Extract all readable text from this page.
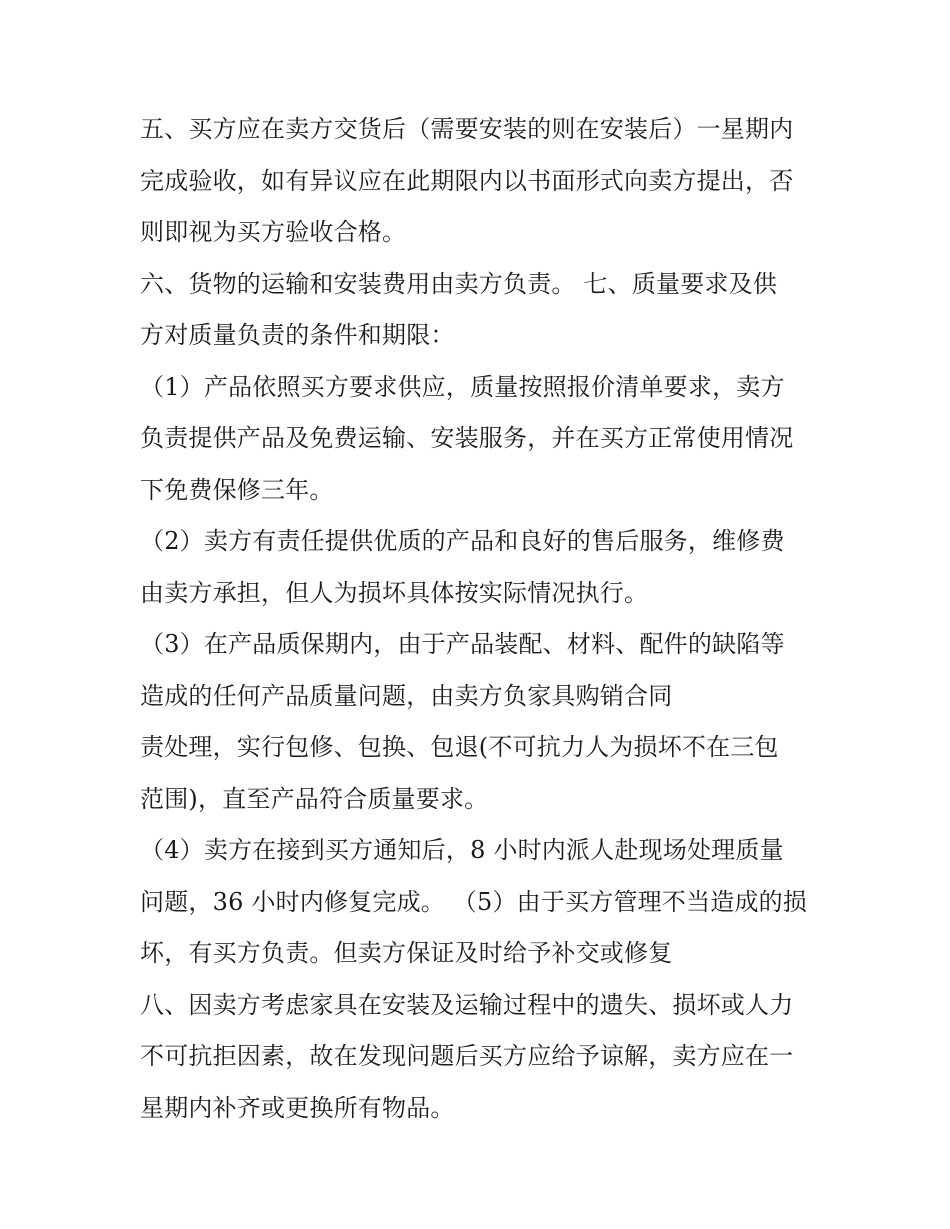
五、买方应在卖方交货后（需要安装的则在安装后）一星期内
完成验收，如有异议应在此期限内以书面形式向卖方提出，否
则即视为买方验收合格。
六、货物的运输和安装费用由卖方负责。 七、质量要求及供
方对质量负责的条件和期限：
（1）产品依照买方要求供应，质量按照报价清单要求，卖方
负责提供产品及免费运输、安装服务，并在买方正常使用情况
下免费保修三年。
（2）卖方有责任提供优质的产品和良好的售后服务，维修费
由卖方承担，但人为损坏具体按实际情况执行。
（3）在产品质保期内，由于产品装配、材料、配件的缺陷等
造成的任何产品质量问题，由卖方负家具购销合同
责处理，实行包修、包换、包退(不可抗力人为损坏不在三包
范围)，直至产品符合质量要求。
（4）卖方在接到买方通知后，8 小时内派人赴现场处理质量
问题，36 小时内修复完成。 （5）由于买方管理不当造成的损
坏，有买方负责。但卖方保证及时给予补交或修复
八、因卖方考虑家具在安装及运输过程中的遗失、损坏或人力
不可抗拒因素，故在发现问题后买方应给予谅解，卖方应在一
星期内补齐或更换所有物品。
